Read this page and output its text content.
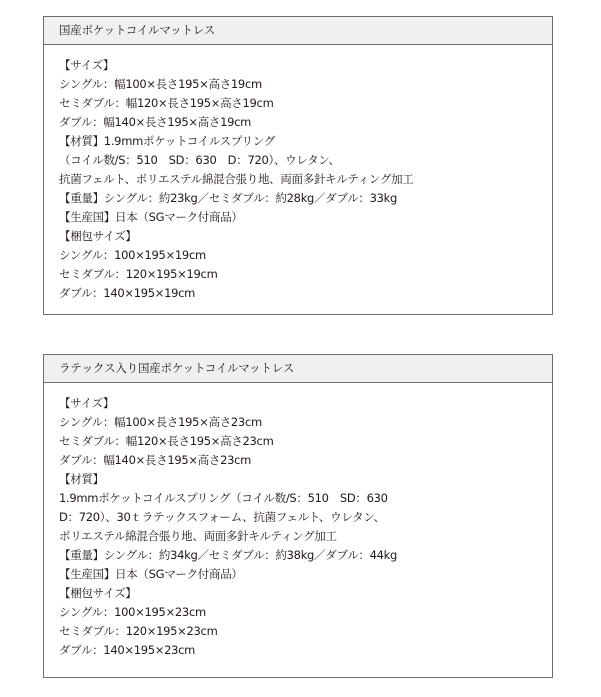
国産ポケットコイルマットレス
【サイズ】
シングル：幅100×長さ195×高さ19cm
セミダブル：幅120×長さ195×高さ19cm
ダブル：幅140×長さ195×高さ19cm
【材質】1.9mmポケットコイルスプリング
（コイル数/S：510　SD：630　D：720）、ウレタン、
抗菌フェルト、ポリエステル綿混合張り地、両面多針キルティング加工
【重量】シングル：約23kg／セミダブル：約28kg／ダブル：33kg
【生産国】日本（SGマーク付商品）
【梱包サイズ】
シングル：100×195×19cm
セミダブル：120×195×19cm
ダブル：140×195×19cm
ラテックス入り国産ポケットコイルマットレス
【サイズ】
シングル：幅100×長さ195×高さ23cm
セミダブル：幅120×長さ195×高さ23cm
ダブル：幅140×長さ195×高さ23cm
【材質】
1.9mmポケットコイルスプリング（コイル数/S：510　SD：630
D：720）、30ｔラテックスフォーム、抗菌フェルト、ウレタン、
ポリエステル綿混合張り地、両面多針キルティング加工
【重量】シングル：約34kg／セミダブル：約38kg／ダブル：44kg
【生産国】日本（SGマーク付商品）
【梱包サイズ】
シングル：100×195×23cm
セミダブル：120×195×23cm
ダブル：140×195×23cm
